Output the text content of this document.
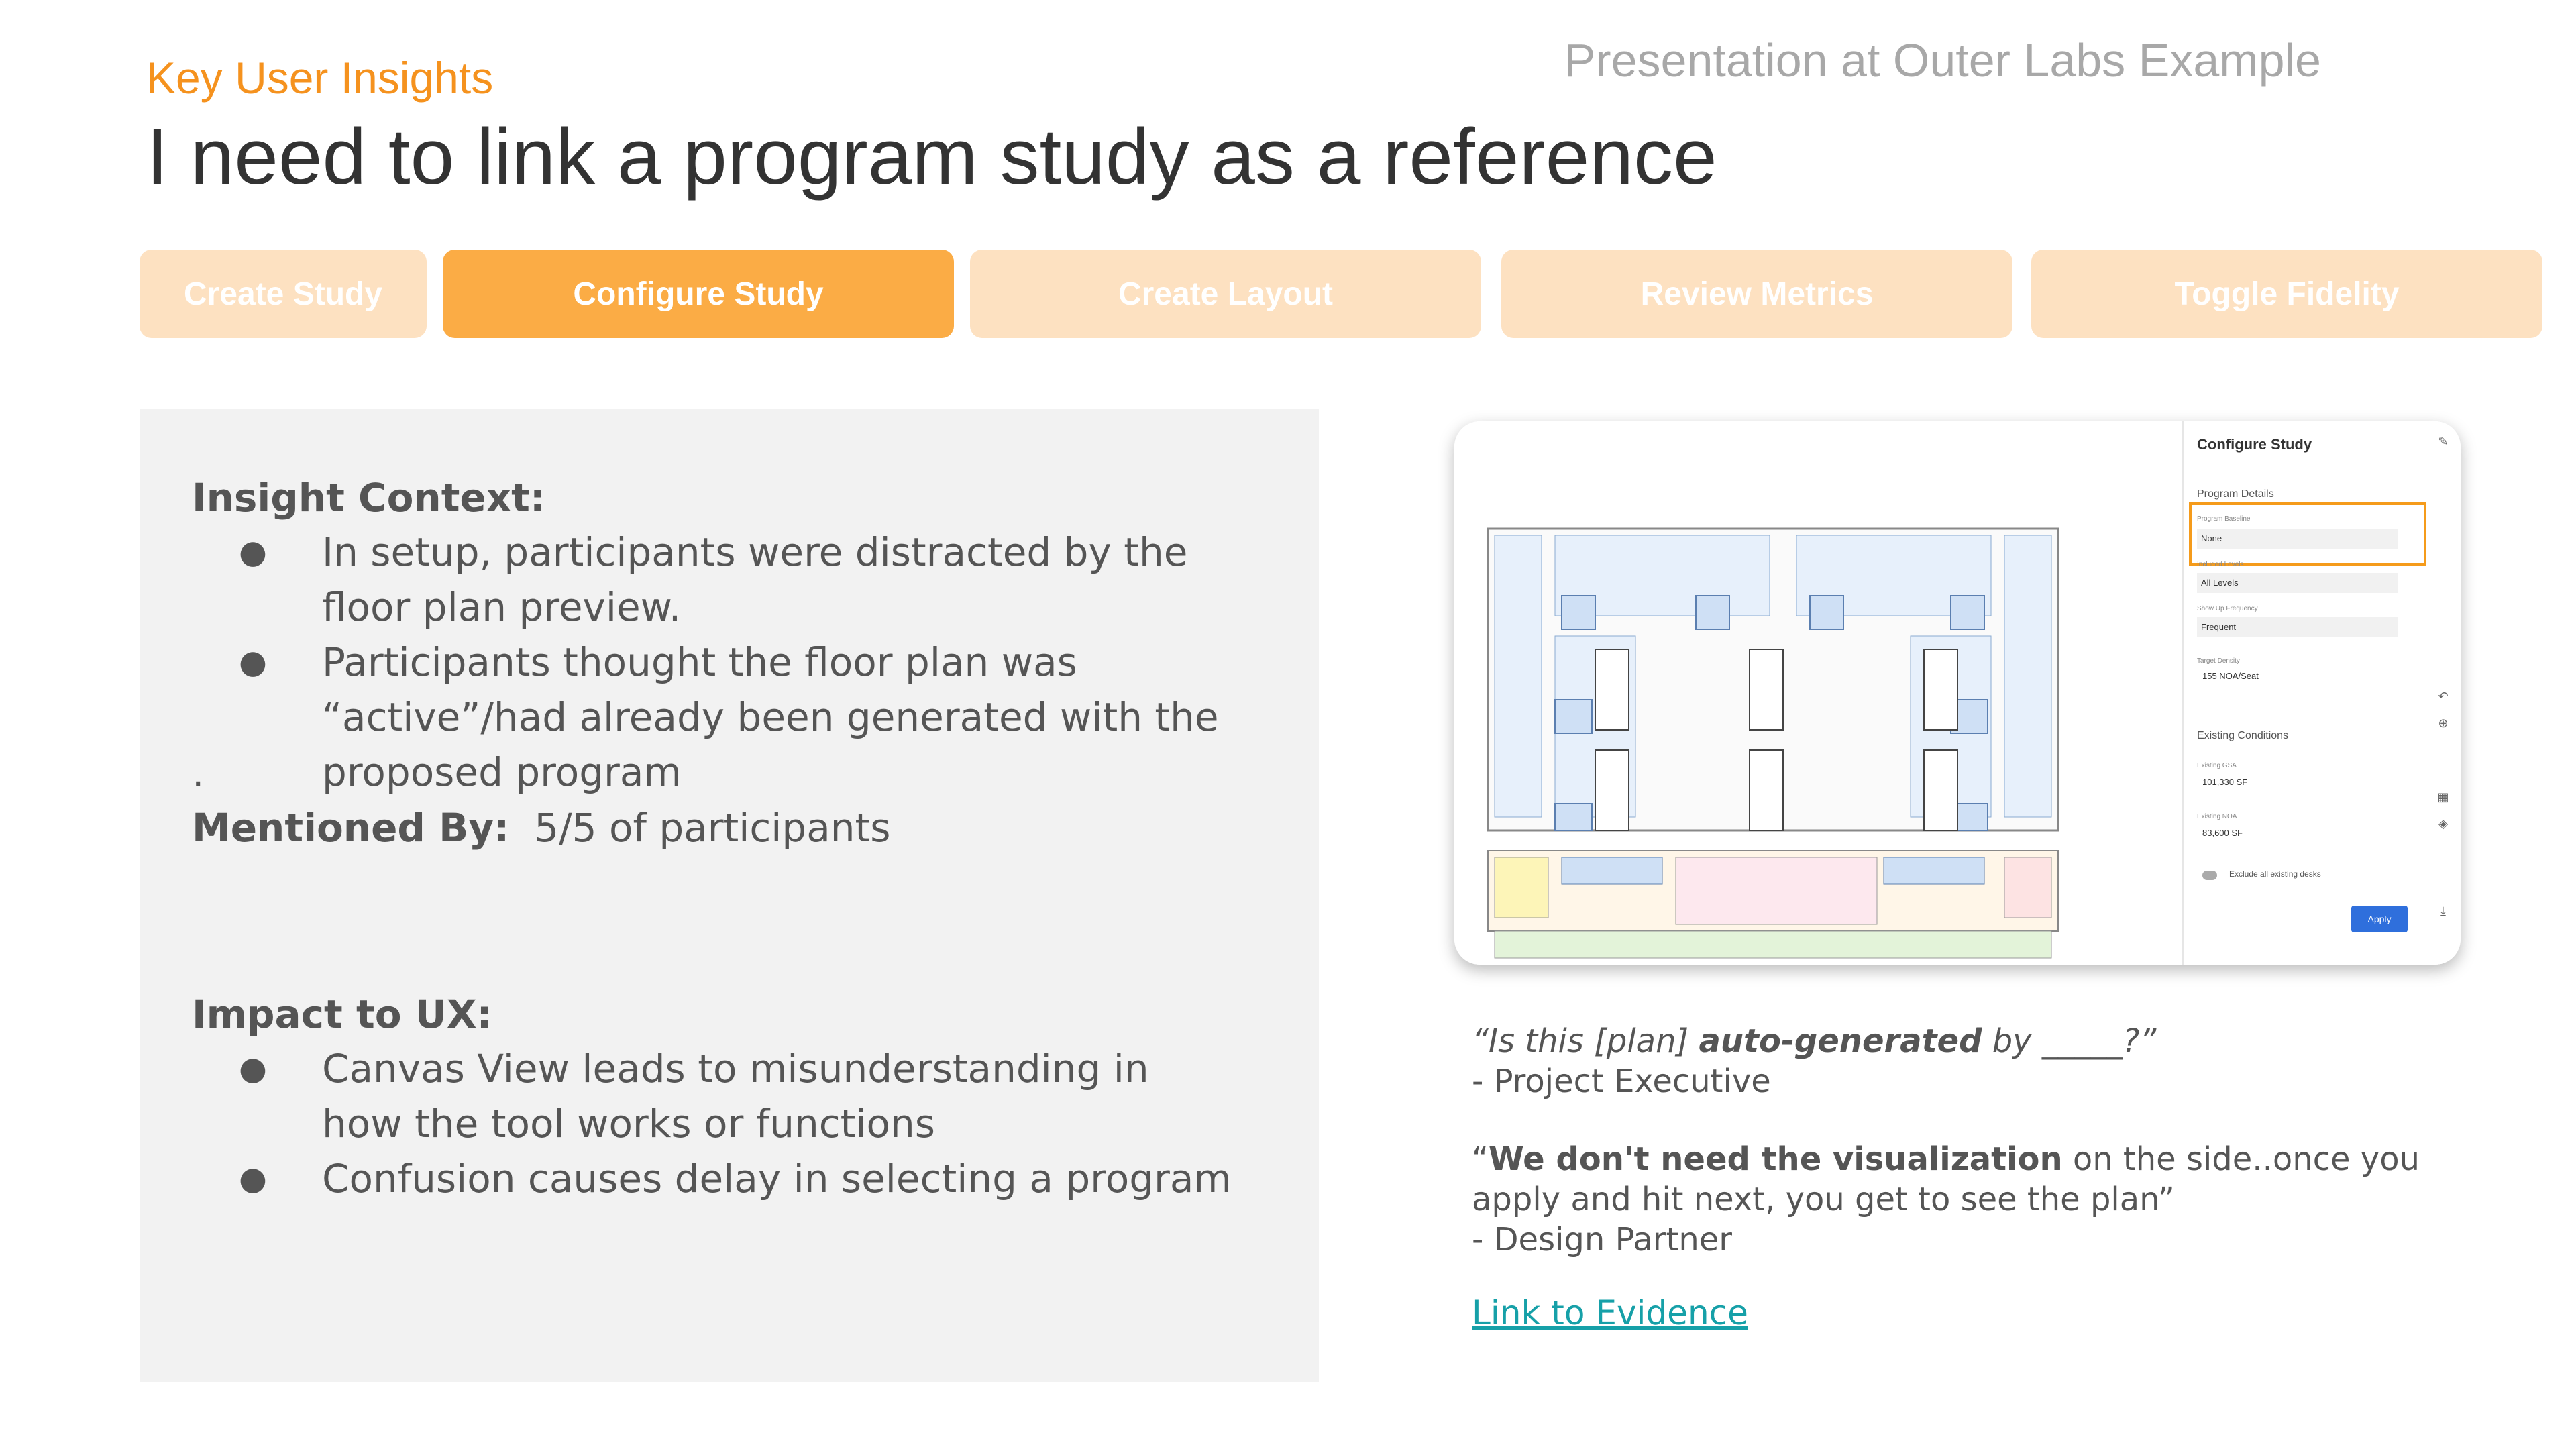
Presentation at Outer Labs Example
Key User Insights
I need to link a program study as a reference
Create Study	Configure Study	Create Layout	Review Metrics	Toggle Fidelity
Insight Context:
● In setup, participants were distracted by the floor plan preview.
● Participants thought the floor plan was “active”/had already been generated with the proposed program
.
Mentioned By: 5/5 of participants
Impact to UX:
● Canvas View leads to misunderstanding in how the tool works or functions
● Confusion causes delay in selecting a program
Configure Study
Program Details
Program Baseline
None
Included Levels
All Levels
Show Up Frequency
Frequent
Target Density
155 NOA/Seat
Existing Conditions
Existing GSA
101,330 SF
Existing NOA
83,600 SF
Exclude all existing desks
Apply
✎
↶
⊕
▦
◈
⤓
“Is this [plan] auto-generated by _____?”
- Project Executive
“We don't need the visualization on the side..once you apply and hit next, you get to see the plan”
- Design Partner
Link to Evidence
